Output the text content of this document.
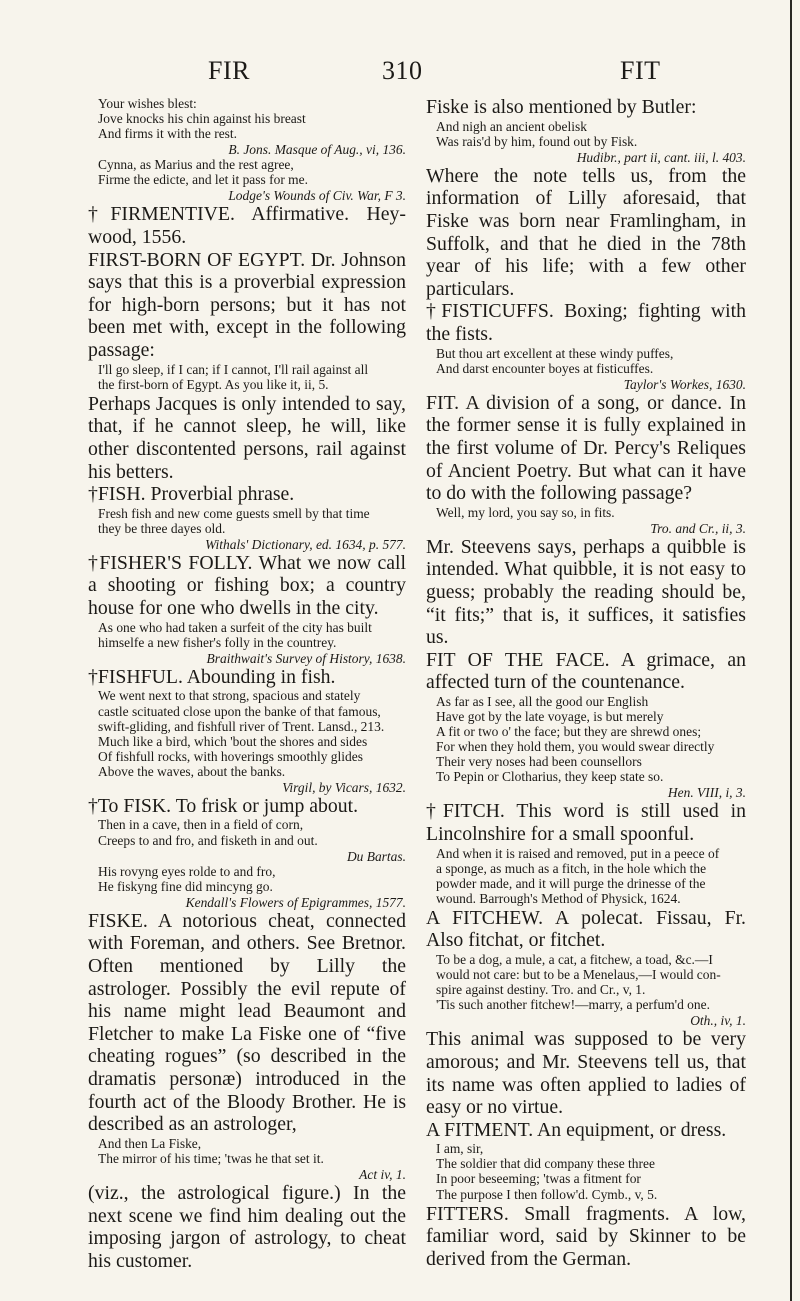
FIR	310	FIT

Your wishes blest:

Jove knocks his chin against his breast

And firms it with the rest.

B. Jons. Masque of Aug., vi, 136.

Cynna, as Marius and the rest agree,

Firme the edicte, and let it pass for me.

Lodge's Wounds of Civ. War, F 3.

†FIRMENTIVE. Affirmative. Hey-wood, 1556.

FIRST-BORN OF EGYPT. Dr. Johnson says that this is a proverbial expression for high-born persons; but it has not been met with, except in the following passage:

I'll go sleep, if I can; if I cannot, I'll rail against all

the first-born of Egypt. As you like it, ii, 5.

Perhaps Jacques is only intended to say, that, if he cannot sleep, he will, like other discontented persons, rail against his betters.

†FISH. Proverbial phrase.

Fresh fish and new come guests smell by that time

they be three dayes old.

Withals' Dictionary, ed. 1634, p. 577.

†FISHER'S FOLLY. What we now call a shooting or fishing box; a country house for one who dwells in the city.

As one who had taken a surfeit of the city has built

himselfe a new fisher's folly in the countrey.

Braithwait's Survey of History, 1638.

†FISHFUL. Abounding in fish.

We went next to that strong, spacious and stately

castle scituated close upon the banke of that famous,

swift-gliding, and fishfull river of Trent. Lansd., 213.

Much like a bird, which 'bout the shores and sides

Of fishfull rocks, with hoverings smoothly glides

Above the waves, about the banks.

Virgil, by Vicars, 1632.

†To FISK. To frisk or jump about.

Then in a cave, then in a field of corn,

Creeps to and fro, and fisketh in and out.

Du Bartas.

His rovyng eyes rolde to and fro,

He fiskyng fine did mincyng go.

Kendall's Flowers of Epigrammes, 1577.

FISKE. A notorious cheat, connected with Foreman, and others. See Bretnor. Often mentioned by Lilly the astrologer. Possibly the evil repute of his name might lead Beaumont and Fletcher to make La Fiske one of “five cheating rogues” (so described in the dramatis personæ) introduced in the fourth act of the Bloody Brother. He is described as an astrologer,

And then La Fiske,

The mirror of his time; 'twas he that set it.

Act iv, 1.

(viz., the astrological figure.) In the next scene we find him dealing out the imposing jargon of astrology, to cheat his customer.

Fiske is also mentioned by Butler:

And nigh an ancient obelisk

Was rais'd by him, found out by Fisk.

Hudibr., part ii, cant. iii, l. 403.

Where the note tells us, from the information of Lilly aforesaid, that Fiske was born near Framlingham, in Suffolk, and that he died in the 78th year of his life; with a few other particulars.

†FISTICUFFS. Boxing; fighting with the fists.

But thou art excellent at these windy puffes,

And darst encounter boyes at fisticuffes.

Taylor's Workes, 1630.

FIT. A division of a song, or dance. In the former sense it is fully explained in the first volume of Dr. Percy's Reliques of Ancient Poetry. But what can it have to do with the following passage?

Well, my lord, you say so, in fits.

Tro. and Cr., ii, 3.

Mr. Steevens says, perhaps a quibble is intended. What quibble, it is not easy to guess; probably the reading should be, “it fits;” that is, it suffices, it satisfies us.

FIT OF THE FACE. A grimace, an affected turn of the countenance.

As far as I see, all the good our English

Have got by the late voyage, is but merely

A fit or two o' the face; but they are shrewd ones;

For when they hold them, you would swear directly

Their very noses had been counsellors

To Pepin or Clotharius, they keep state so.

Hen. VIII, i, 3.

†FITCH. This word is still used in Lincolnshire for a small spoonful.

And when it is raised and removed, put in a peece of

a sponge, as much as a fitch, in the hole which the

powder made, and it will purge the drinesse of the

wound. Barrough's Method of Physick, 1624.

A FITCHEW. A polecat. Fissau, Fr. Also fitchat, or fitchet.

To be a dog, a mule, a cat, a fitchew, a toad, &c.—I

would not care: but to be a Menelaus,—I would con-

spire against destiny. Tro. and Cr., v, 1.

'Tis such another fitchew!—marry, a perfum'd one.

Oth., iv, 1.

This animal was supposed to be very amorous; and Mr. Steevens tell us, that its name was often applied to ladies of easy or no virtue.

A FITMENT. An equipment, or dress.

I am, sir,

The soldier that did company these three

In poor beseeming; 'twas a fitment for

The purpose I then follow'd. Cymb., v, 5.

FITTERS. Small fragments. A low, familiar word, said by Skinner to be derived from the German.
